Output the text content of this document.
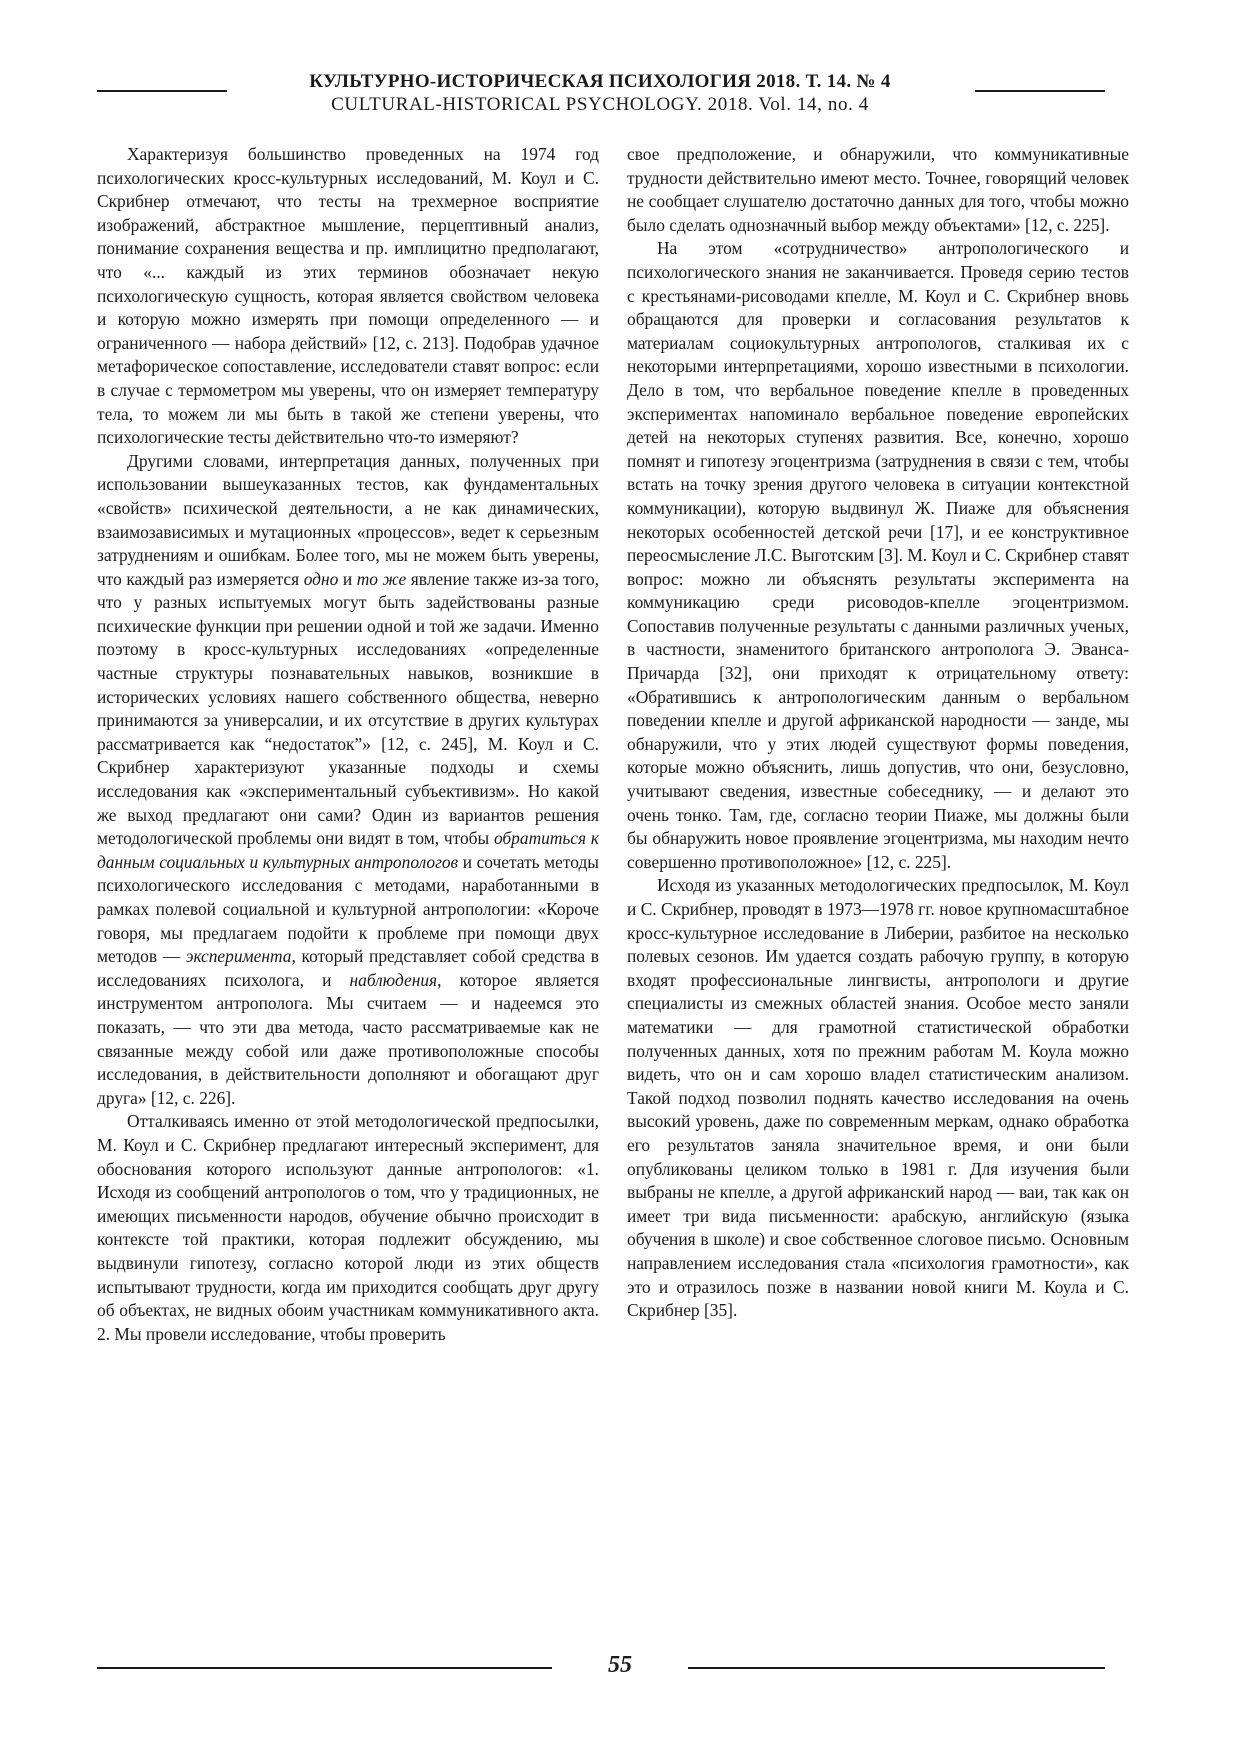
КУЛЬТУРНО-ИСТОРИЧЕСКАЯ ПСИХОЛОГИЯ 2018. Т. 14. № 4
CULTURAL-HISTORICAL PSYCHOLOGY. 2018. Vol. 14, no. 4

Характеризуя большинство проведенных на 1974 год психологических кросс-культурных исследований, М. Коул и С. Скрибнер отмечают, что тесты на трехмерное восприятие изображений, абстрактное мышление, перцептивный анализ, понимание сохранения вещества и пр. имплицитно предполагают, что «... каждый из этих терминов обозначает некую психологическую сущность, которая является свойством человека и которую можно измерять при помощи определенного — и ограниченного — набора действий» [12, с. 213]. Подобрав удачное метафорическое сопоставление, исследователи ставят вопрос: если в случае с термометром мы уверены, что он измеряет температуру тела, то можем ли мы быть в такой же степени уверены, что психологические тесты действительно что-то измеряют?

Другими словами, интерпретация данных, полученных при использовании вышеуказанных тестов, как фундаментальных «свойств» психической деятельности, а не как динамических, взаимозависимых и мутационных «процессов», ведет к серьезным затруднениям и ошибкам. Более того, мы не можем быть уверены, что каждый раз измеряется одно и то же явление также из-за того, что у разных испытуемых могут быть задействованы разные психические функции при решении одной и той же задачи. Именно поэтому в кросс-культурных исследованиях «определенные частные структуры познавательных навыков, возникшие в исторических условиях нашего собственного общества, неверно принимаются за универсалии, и их отсутствие в других культурах рассматривается как “недостаток”» [12, с. 245], М. Коул и С. Скрибнер характеризуют указанные подходы и схемы исследования как «экспериментальный субъективизм». Но какой же выход предлагают они сами? Один из вариантов решения методологической проблемы они видят в том, чтобы обратиться к данным социальных и культурных антропологов и сочетать методы психологического исследования с методами, наработанными в рамках полевой социальной и культурной антропологии: «Короче говоря, мы предлагаем подойти к проблеме при помощи двух методов — эксперимента, который представляет собой средства в исследованиях психолога, и наблюдения, которое является инструментом антрополога. Мы считаем — и надеемся это показать, — что эти два метода, часто рассматриваемые как не связанные между собой или даже противоположные способы исследования, в действительности дополняют и обогащают друг друга» [12, с. 226].

Отталкиваясь именно от этой методологической предпосылки, М. Коул и С. Скрибнер предлагают интересный эксперимент, для обоснования которого используют данные антропологов: «1. Исходя из сообщений антропологов о том, что у традиционных, не имеющих письменности народов, обучение обычно происходит в контексте той практики, которая подлежит обсуждению, мы выдвинули гипотезу, согласно которой люди из этих обществ испытывают трудности, когда им приходится сообщать друг другу об объектах, не видных обоим участникам коммуникативного акта. 2. Мы провели исследование, чтобы проверить

свое предположение, и обнаружили, что коммуникативные трудности действительно имеют место. Точнее, говорящий человек не сообщает слушателю достаточно данных для того, чтобы можно было сделать однозначный выбор между объектами» [12, с. 225].

На этом «сотрудничество» антропологического и психологического знания не заканчивается. Проведя серию тестов с крестьянами-рисоводами кпелле, М. Коул и С. Скрибнер вновь обращаются для проверки и согласования результатов к материалам социокультурных антропологов, сталкивая их с некоторыми интерпретациями, хорошо известными в психологии. Дело в том, что вербальное поведение кпелле в проведенных экспериментах напоминало вербальное поведение европейских детей на некоторых ступенях развития. Все, конечно, хорошо помнят и гипотезу эгоцентризма (затруднения в связи с тем, чтобы встать на точку зрения другого человека в ситуации контекстной коммуникации), которую выдвинул Ж. Пиаже для объяснения некоторых особенностей детской речи [17], и ее конструктивное переосмысление Л.С. Выготским [3]. М. Коул и С. Скрибнер ставят вопрос: можно ли объяснять результаты эксперимента на коммуникацию среди рисоводов-кпелле эгоцентризмом. Сопоставив полученные результаты с данными различных ученых, в частности, знаменитого британского антрополога Э. Эванса-Причарда [32], они приходят к отрицательному ответу: «Обратившись к антропологическим данным о вербальном поведении кпелле и другой африканской народности — занде, мы обнаружили, что у этих людей существуют формы поведения, которые можно объяснить, лишь допустив, что они, безусловно, учитывают сведения, известные собеседнику, — и делают это очень тонко. Там, где, согласно теории Пиаже, мы должны были бы обнаружить новое проявление эгоцентризма, мы находим нечто совершенно противоположное» [12, с. 225].

Исходя из указанных методологических предпосылок, М. Коул и С. Скрибнер, проводят в 1973—1978 гг. новое крупномасштабное кросс-культурное исследование в Либерии, разбитое на несколько полевых сезонов. Им удается создать рабочую группу, в которую входят профессиональные лингвисты, антропологи и другие специалисты из смежных областей знания. Особое место заняли математики — для грамотной статистической обработки полученных данных, хотя по прежним работам М. Коула можно видеть, что он и сам хорошо владел статистическим анализом. Такой подход позволил поднять качество исследования на очень высокий уровень, даже по современным меркам, однако обработка его результатов заняла значительное время, и они были опубликованы целиком только в 1981 г. Для изучения были выбраны не кпелле, а другой африканский народ — ваи, так как он имеет три вида письменности: арабскую, английскую (языка обучения в школе) и свое собственное слоговое письмо. Основным направлением исследования стала «психология грамотности», как это и отразилось позже в названии новой книги М. Коула и С. Скрибнер [35].

55
